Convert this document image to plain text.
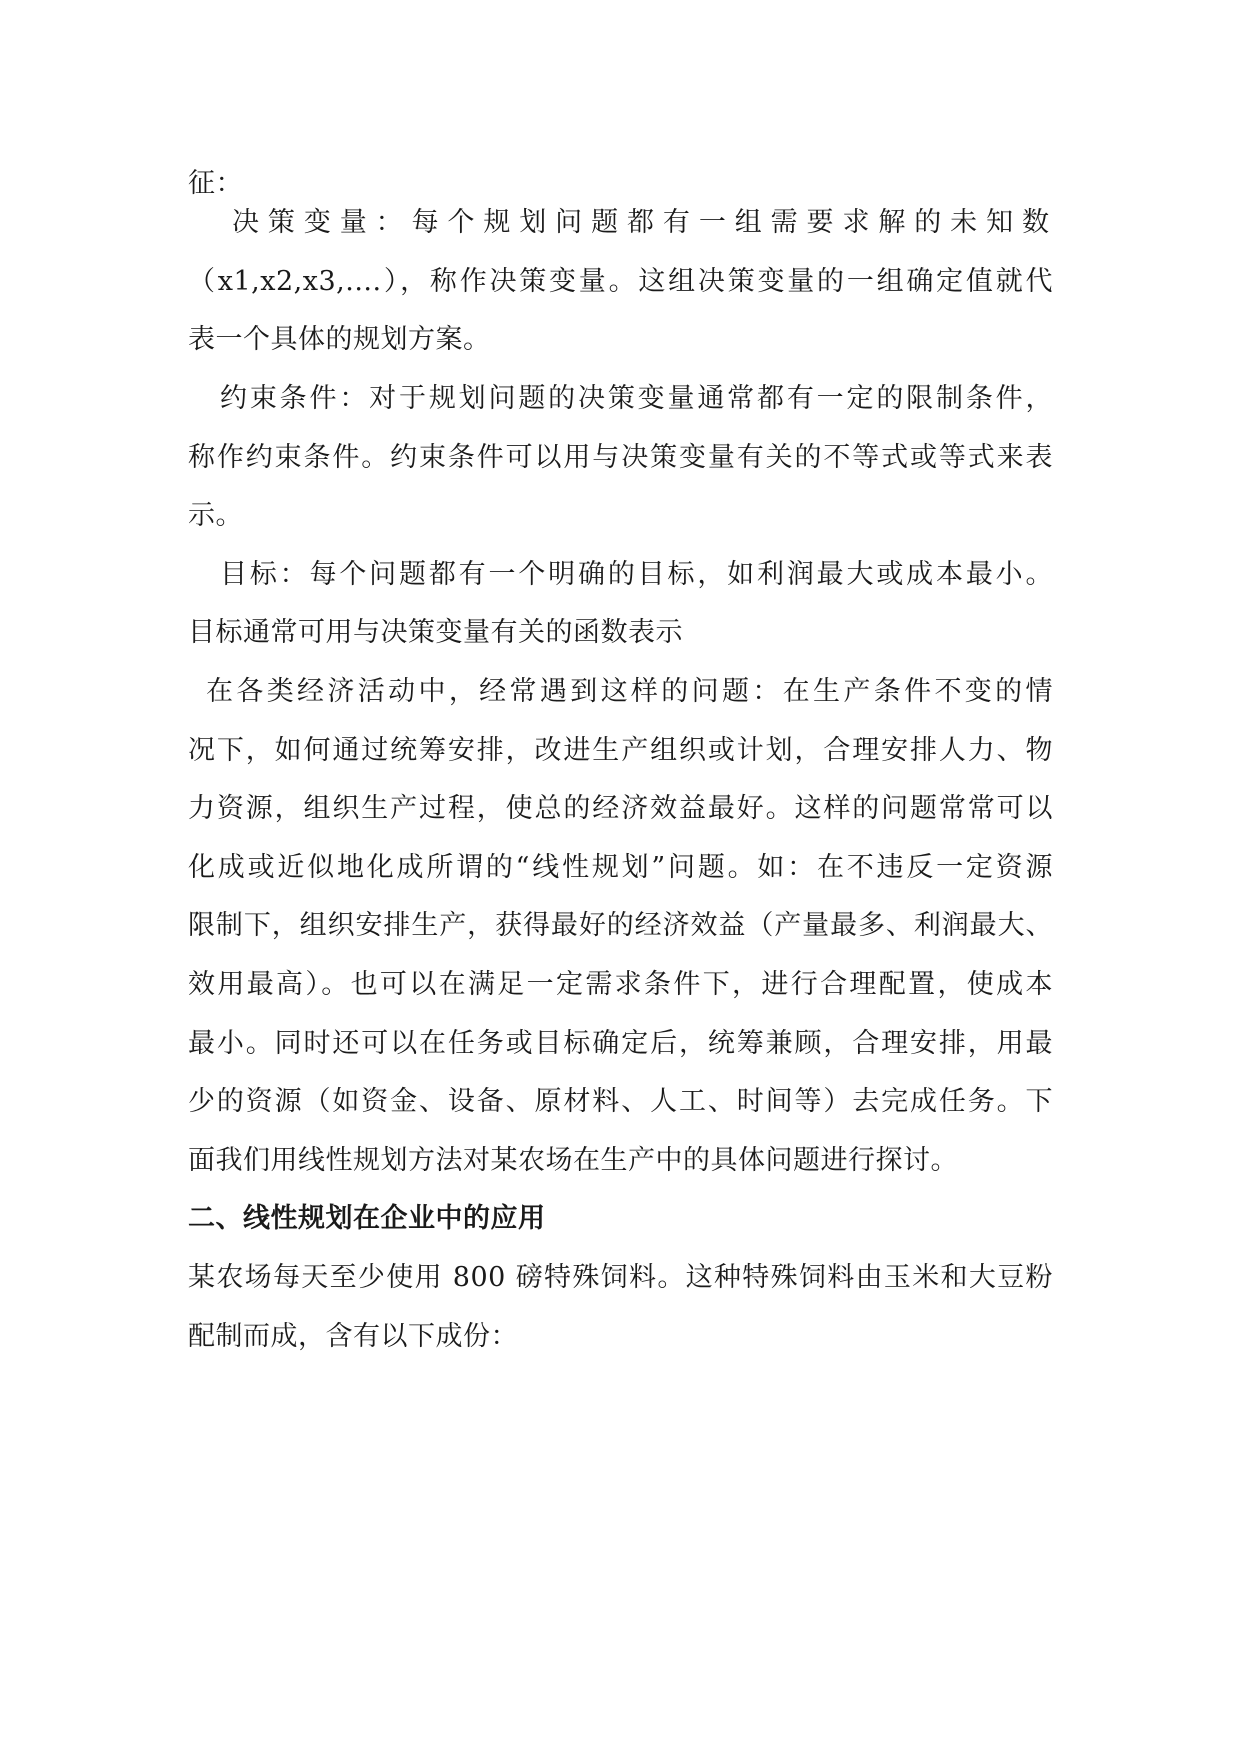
征：
决策变量：每个规划问题都有一组需要求解的未知数
（x1,x2,x3,....），称作决策变量。这组决策变量的一组确定值就代
表一个具体的规划方案。
约束条件：对于规划问题的决策变量通常都有一定的限制条件，
称作约束条件。约束条件可以用与决策变量有关的不等式或等式来表
示。
目标：每个问题都有一个明确的目标，如利润最大或成本最小。
目标通常可用与决策变量有关的函数表示
在各类经济活动中，经常遇到这样的问题：在生产条件不变的情
况下，如何通过统筹安排，改进生产组织或计划，合理安排人力、物
力资源，组织生产过程，使总的经济效益最好。这样的问题常常可以
化成或近似地化成所谓的“线性规划”问题。如：在不违反一定资源
限制下，组织安排生产，获得最好的经济效益（产量最多、利润最大、
效用最高）。也可以在满足一定需求条件下，进行合理配置，使成本
最小。同时还可以在任务或目标确定后，统筹兼顾，合理安排，用最
少的资源（如资金、设备、原材料、人工、时间等）去完成任务。下
面我们用线性规划方法对某农场在生产中的具体问题进行探讨。
二、线性规划在企业中的应用
某农场每天至少使用 800 磅特殊饲料。这种特殊饲料由玉米和大豆粉
配制而成，含有以下成份：
